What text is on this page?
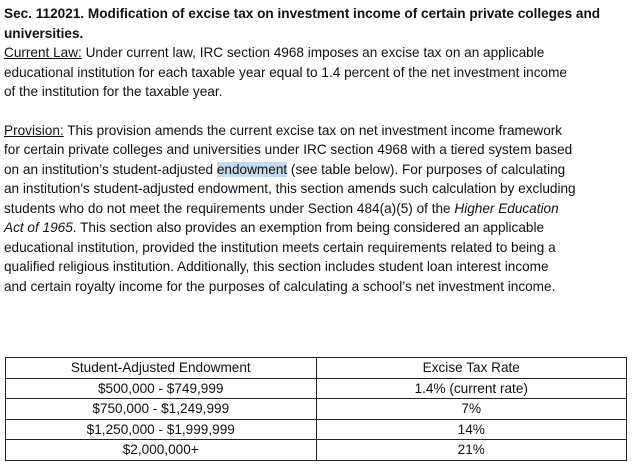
Sec. 112021. Modification of excise tax on investment income of certain private colleges and
universities.
Current Law: Under current law, IRC section 4968 imposes an excise tax on an applicable
educational institution for each taxable year equal to 1.4 percent of the net investment income
of the institution for the taxable year.
Provision: This provision amends the current excise tax on net investment income framework
for certain private colleges and universities under IRC section 4968 with a tiered system based
on an institution’s student-adjusted endowment (see table below). For purposes of calculating
an institution's student-adjusted endowment, this section amends such calculation by excluding
students who do not meet the requirements under Section 484(a)(5) of the Higher Education
Act of 1965. This section also provides an exemption from being considered an applicable
educational institution, provided the institution meets certain requirements related to being a
qualified religious institution. Additionally, this section includes student loan interest income
and certain royalty income for the purposes of calculating a school’s net investment income.
Student-Adjusted Endowment	Excise Tax Rate
$500,000 - $749,999	1.4% (current rate)
$750,000 - $1,249,999	7%
$1,250,000 - $1,999,999	14%
$2,000,000+	21%
